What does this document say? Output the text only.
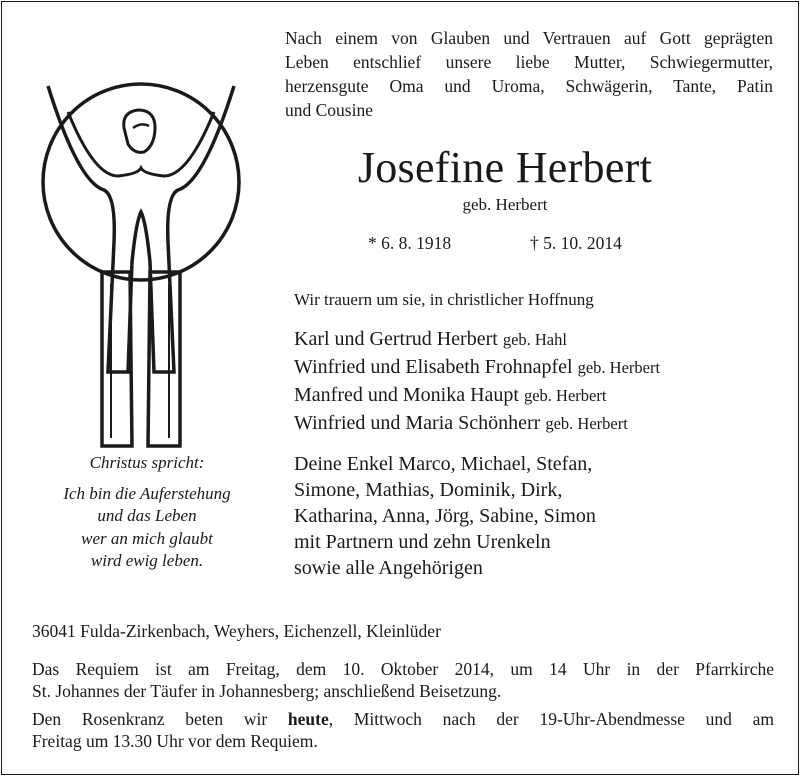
Nach einem von Glauben und Vertrauen auf Gott geprägten
Leben entschlief unsere liebe Mutter, Schwiegermutter,
herzensgute Oma und Uroma, Schwägerin, Tante, Patin
und Cousine
Josefine Herbert
geb. Herbert
* 6. 8. 1918	† 5. 10. 2014
Wir trauern um sie, in christlicher Hoffnung
Karl und Gertrud Herbert geb. Hahl
Winfried und Elisabeth Frohnapfel geb. Herbert
Manfred und Monika Haupt geb. Herbert
Winfried und Maria Schönherr geb. Herbert
Deine Enkel Marco, Michael, Stefan,
Simone, Mathias, Dominik, Dirk,
Katharina, Anna, Jörg, Sabine, Simon
mit Partnern und zehn Urenkeln
sowie alle Angehörigen
Christus spricht:
Ich bin die Auferstehung
und das Leben
wer an mich glaubt
wird ewig leben.
36041 Fulda-Zirkenbach, Weyhers, Eichenzell, Kleinlüder
Das Requiem ist am Freitag, dem 10. Oktober 2014, um 14 Uhr in der Pfarrkirche
St. Johannes der Täufer in Johannesberg; anschließend Beisetzung.
Den Rosenkranz beten wir heute, Mittwoch nach der 19-Uhr-Abendmesse und am
Freitag um 13.30 Uhr vor dem Requiem.
